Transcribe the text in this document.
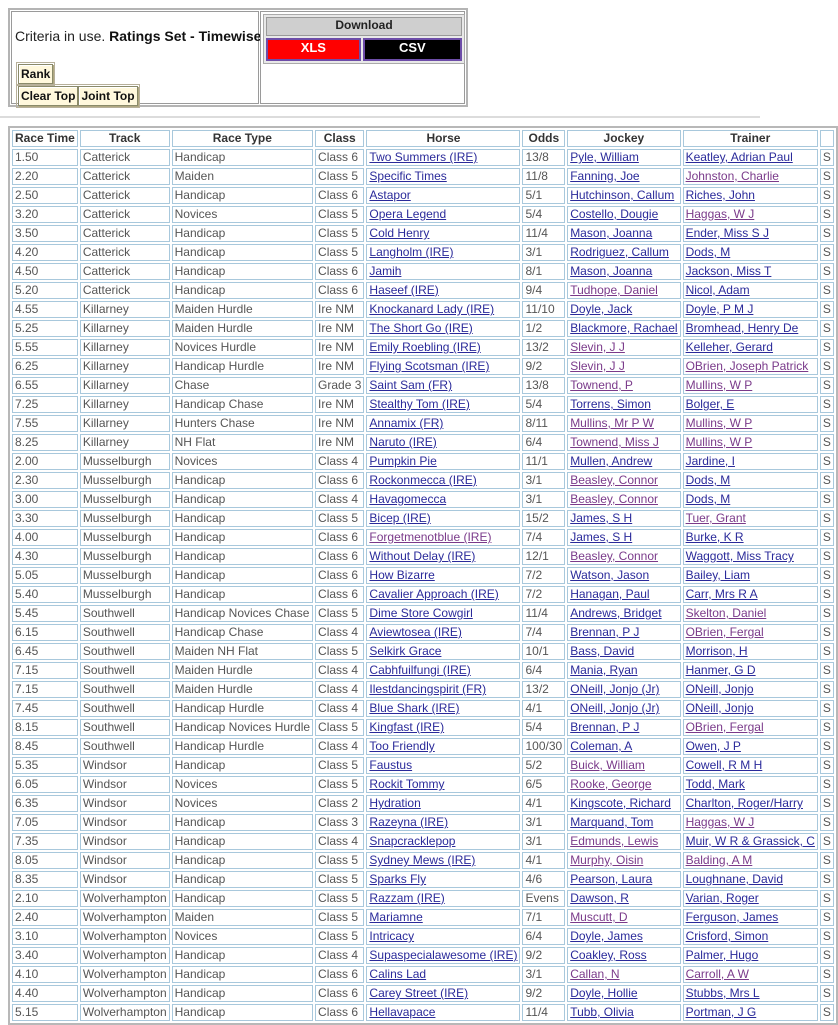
Criteria in use. Ratings Set - Timewise
Rank
Clear Top Joint Top

Download
XLS	CSV
Race Time	Track	Race Type	Class	Horse	Odds	Jockey	Trainer	
1.50	Catterick	Handicap	Class 6	Two Summers (IRE)	13/8	Pyle, William	Keatley, Adrian Paul	S
2.20	Catterick	Maiden	Class 5	Specific Times	11/8	Fanning, Joe	Johnston, Charlie	S
2.50	Catterick	Handicap	Class 6	Astapor	5/1	Hutchinson, Callum	Riches, John	S
3.20	Catterick	Novices	Class 5	Opera Legend	5/4	Costello, Dougie	Haggas, W J	S
3.50	Catterick	Handicap	Class 5	Cold Henry	11/4	Mason, Joanna	Ender, Miss S J	S
4.20	Catterick	Handicap	Class 5	Langholm (IRE)	3/1	Rodriguez, Callum	Dods, M	S
4.50	Catterick	Handicap	Class 6	Jamih	8/1	Mason, Joanna	Jackson, Miss T	S
5.20	Catterick	Handicap	Class 6	Haseef (IRE)	9/4	Tudhope, Daniel	Nicol, Adam	S
4.55	Killarney	Maiden Hurdle	Ire NM	Knockanard Lady (IRE)	11/10	Doyle, Jack	Doyle, P M J	S
5.25	Killarney	Maiden Hurdle	Ire NM	The Short Go (IRE)	1/2	Blackmore, Rachael	Bromhead, Henry De	S
5.55	Killarney	Novices Hurdle	Ire NM	Emily Roebling (IRE)	13/2	Slevin, J J	Kelleher, Gerard	S
6.25	Killarney	Handicap Hurdle	Ire NM	Flying Scotsman (IRE)	9/2	Slevin, J J	OBrien, Joseph Patrick	S
6.55	Killarney	Chase	Grade 3	Saint Sam (FR)	13/8	Townend, P	Mullins, W P	S
7.25	Killarney	Handicap Chase	Ire NM	Stealthy Tom (IRE)	5/4	Torrens, Simon	Bolger, E	S
7.55	Killarney	Hunters Chase	Ire NM	Annamix (FR)	8/11	Mullins, Mr P W	Mullins, W P	S
8.25	Killarney	NH Flat	Ire NM	Naruto (IRE)	6/4	Townend, Miss J	Mullins, W P	S
2.00	Musselburgh	Novices	Class 4	Pumpkin Pie	11/1	Mullen, Andrew	Jardine, I	S
2.30	Musselburgh	Handicap	Class 6	Rockonmecca (IRE)	3/1	Beasley, Connor	Dods, M	S
3.00	Musselburgh	Handicap	Class 4	Havagomecca	3/1	Beasley, Connor	Dods, M	S
3.30	Musselburgh	Handicap	Class 5	Bicep (IRE)	15/2	James, S H	Tuer, Grant	S
4.00	Musselburgh	Handicap	Class 6	Forgetmenotblue (IRE)	7/4	James, S H	Burke, K R	S
4.30	Musselburgh	Handicap	Class 6	Without Delay (IRE)	12/1	Beasley, Connor	Waggott, Miss Tracy	S
5.05	Musselburgh	Handicap	Class 6	How Bizarre	7/2	Watson, Jason	Bailey, Liam	S
5.40	Musselburgh	Handicap	Class 6	Cavalier Approach (IRE)	7/2	Hanagan, Paul	Carr, Mrs R A	S
5.45	Southwell	Handicap Novices Chase	Class 5	Dime Store Cowgirl	11/4	Andrews, Bridget	Skelton, Daniel	S
6.15	Southwell	Handicap Chase	Class 4	Aviewtosea (IRE)	7/4	Brennan, P J	OBrien, Fergal	S
6.45	Southwell	Maiden NH Flat	Class 5	Selkirk Grace	10/1	Bass, David	Morrison, H	S
7.15	Southwell	Maiden Hurdle	Class 4	Cabhfuilfungi (IRE)	6/4	Mania, Ryan	Hanmer, G D	S
7.15	Southwell	Maiden Hurdle	Class 4	Ilestdancingspirit (FR)	13/2	ONeill, Jonjo (Jr)	ONeill, Jonjo	S
7.45	Southwell	Handicap Hurdle	Class 4	Blue Shark (IRE)	4/1	ONeill, Jonjo (Jr)	ONeill, Jonjo	S
8.15	Southwell	Handicap Novices Hurdle	Class 5	Kingfast (IRE)	5/4	Brennan, P J	OBrien, Fergal	S
8.45	Southwell	Handicap Hurdle	Class 4	Too Friendly	100/30	Coleman, A	Owen, J P	S
5.35	Windsor	Handicap	Class 5	Faustus	5/2	Buick, William	Cowell, R M H	S
6.05	Windsor	Novices	Class 5	Rockit Tommy	6/5	Rooke, George	Todd, Mark	S
6.35	Windsor	Novices	Class 2	Hydration	4/1	Kingscote, Richard	Charlton, Roger/Harry	S
7.05	Windsor	Handicap	Class 3	Razeyna (IRE)	3/1	Marquand, Tom	Haggas, W J	S
7.35	Windsor	Handicap	Class 4	Snapcracklepop	3/1	Edmunds, Lewis	Muir, W R & Grassick, C	S
8.05	Windsor	Handicap	Class 5	Sydney Mews (IRE)	4/1	Murphy, Oisin	Balding, A M	S
8.35	Windsor	Handicap	Class 5	Sparks Fly	4/6	Pearson, Laura	Loughnane, David	S
2.10	Wolverhampton	Handicap	Class 5	Razzam (IRE)	Evens	Dawson, R	Varian, Roger	S
2.40	Wolverhampton	Maiden	Class 5	Mariamne	7/1	Muscutt, D	Ferguson, James	S
3.10	Wolverhampton	Novices	Class 5	Intricacy	6/4	Doyle, James	Crisford, Simon	S
3.40	Wolverhampton	Handicap	Class 4	Supaspecialawesome (IRE)	9/2	Coakley, Ross	Palmer, Hugo	S
4.10	Wolverhampton	Handicap	Class 6	Calins Lad	3/1	Callan, N	Carroll, A W	S
4.40	Wolverhampton	Handicap	Class 6	Carey Street (IRE)	9/2	Doyle, Hollie	Stubbs, Mrs L	S
5.15	Wolverhampton	Handicap	Class 6	Hellavapace	11/4	Tubb, Olivia	Portman, J G	S
